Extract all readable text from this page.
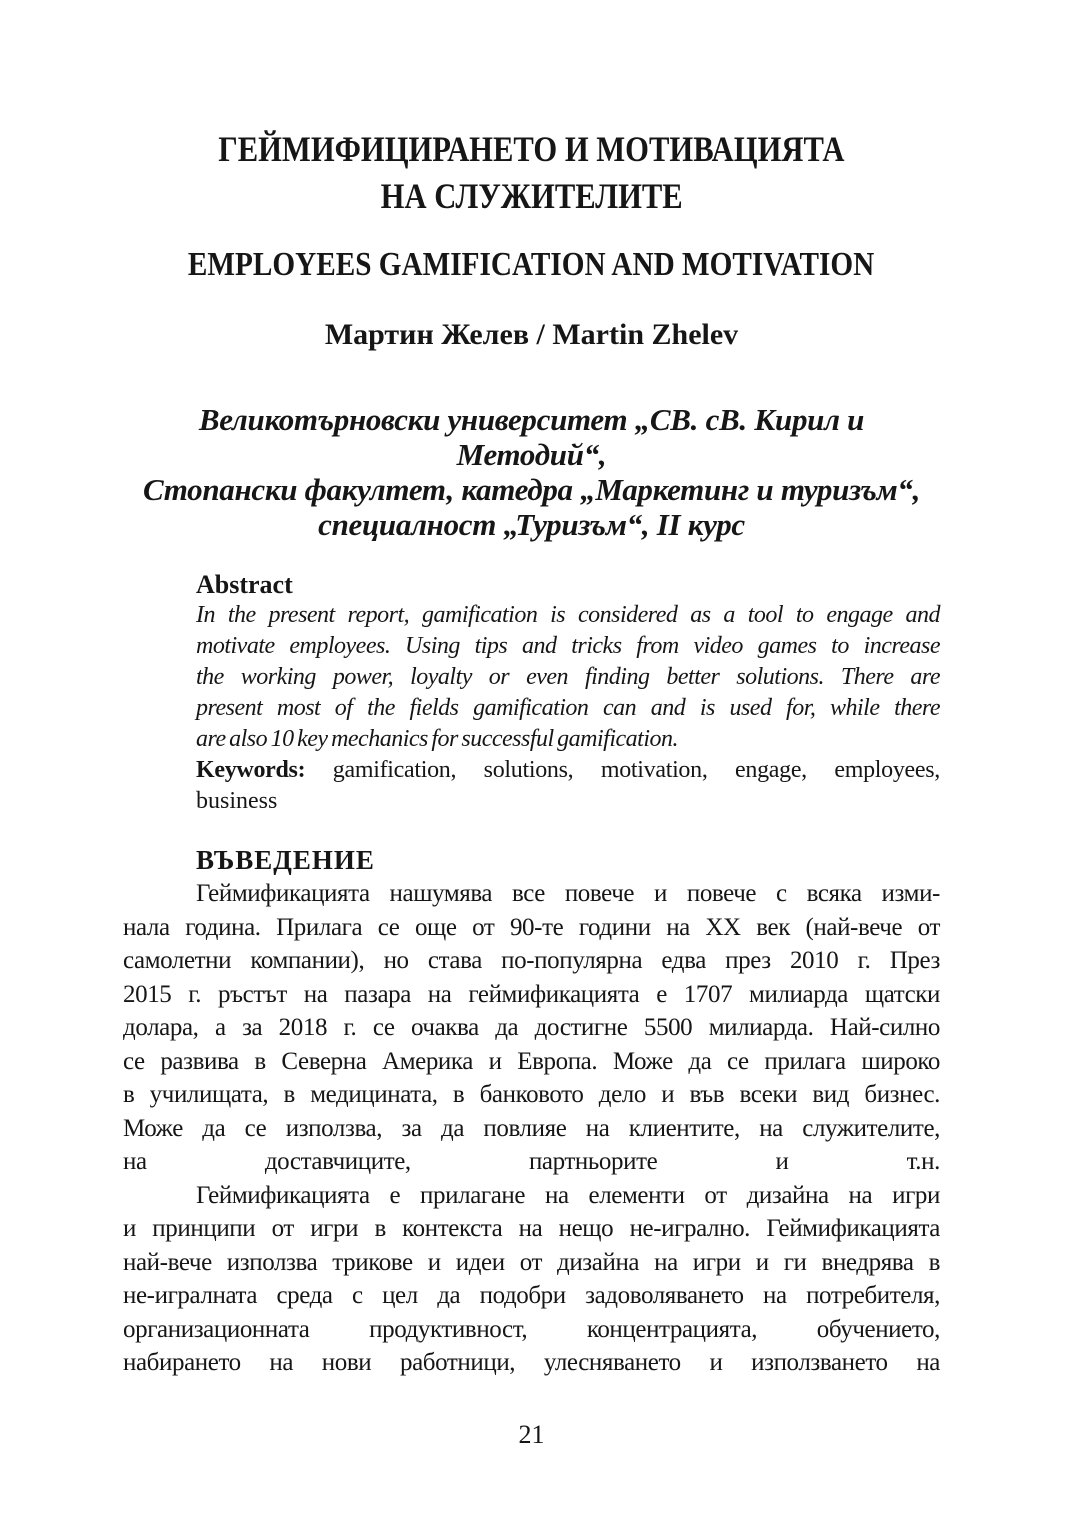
ГЕЙМИФИЦИРАНЕТО И МОТИВАЦИЯТА
НА СЛУЖИТЕЛИТЕ
EMPLOYEES GAMIFICATION AND MOTIVATION
Мартин Желев / Martin Zhelev
Великотърновски университет „СВ. сВ. Кирил и Методий“,
Стопански факултет, катедра „Маркетинг и туризъм“,
специалност „Туризъм“, II курс
Abstract
In the present report, gamification is considered as a tool to engage and
motivate employees. Using tips and tricks from video games to increase
the working power, loyalty or even finding better solutions. There are
present most of the fields gamification can and is used for, while there
are also 10 key mechanics for successful gamification.
Keywords: gamification, solutions, motivation, engage, employees,
business
ВЪВЕДЕНИЕ
Геймификацията нашумява все повече и повече с всяка изми-
нала година. Прилага се още от 90-те години на ХХ век (най-вече от
самолетни компании), но става по-популярна едва през 2010 г. През
2015 г. ръстът на пазара на геймификацията е 1707 милиарда щатски
долара, а за 2018 г. се очаква да достигне 5500 милиарда. Най-силно
се развива в Северна Америка и Европа. Може да се прилага широко
в училищата, в медицината, в банковото дело и във всеки вид бизнес.
Може да се използва, за да повлияе на клиентите, на служителите,
на доставчиците, партньорите и т.н.
Геймификацията е прилагане на елементи от дизайна на игри
и принципи от игри в контекста на нещо не-игрално. Геймификацията
най-вече използва трикове и идеи от дизайна на игри и ги внедрява в
не-игралната среда с цел да подобри задоволяването на потребителя,
организационната продуктивност, концентрацията, обучението,
набирането на нови работници, улесняването и използването на
21
